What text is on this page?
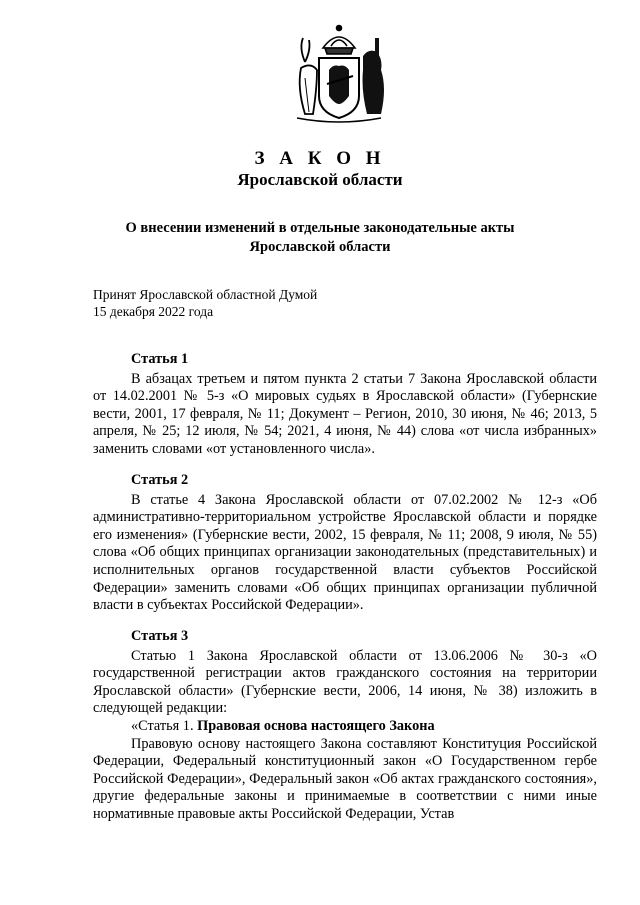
З А К О Н
Ярославской области
О внесении изменений в отдельные законодательные акты
Ярославской области
Принят Ярославской областной Думой
15 декабря 2022 года
Статья 1

В абзацах третьем и пятом пункта 2 статьи 7 Закона Ярославской области от 14.02.2001 № 5-з «О мировых судьях в Ярославской области» (Губернские вести, 2001, 17 февраля, № 11; Документ – Регион, 2010, 30 июня, № 46; 2013, 5 апреля, № 25; 12 июля, № 54; 2021, 4 июня, № 44) слова «от числа избранных» заменить словами «от установленного числа».

Статья 2

В статье 4 Закона Ярославской области от 07.02.2002 № 12-з «Об административно-территориальном устройстве Ярославской области и порядке его изменения» (Губернские вести, 2002, 15 февраля, № 11; 2008, 9 июля, № 55) слова «Об общих принципах организации законодательных (представительных) и исполнительных органов государственной власти субъектов Российской Федерации» заменить словами «Об общих принципах организации публичной власти в субъектах Российской Федерации».

Статья 3

Статью 1 Закона Ярославской области от 13.06.2006 № 30-з «О государственной регистрации актов гражданского состояния на территории Ярославской области» (Губернские вести, 2006, 14 июня, № 38) изложить в следующей редакции:

«Статья 1. Правовая основа настоящего Закона

Правовую основу настоящего Закона составляют Конституция Российской Федерации, Федеральный конституционный закон «О Государственном гербе Российской Федерации», Федеральный закон «Об актах гражданского состояния», другие федеральные законы и принимаемые в соответствии с ними иные нормативные правовые акты Российской Федерации, Устав
